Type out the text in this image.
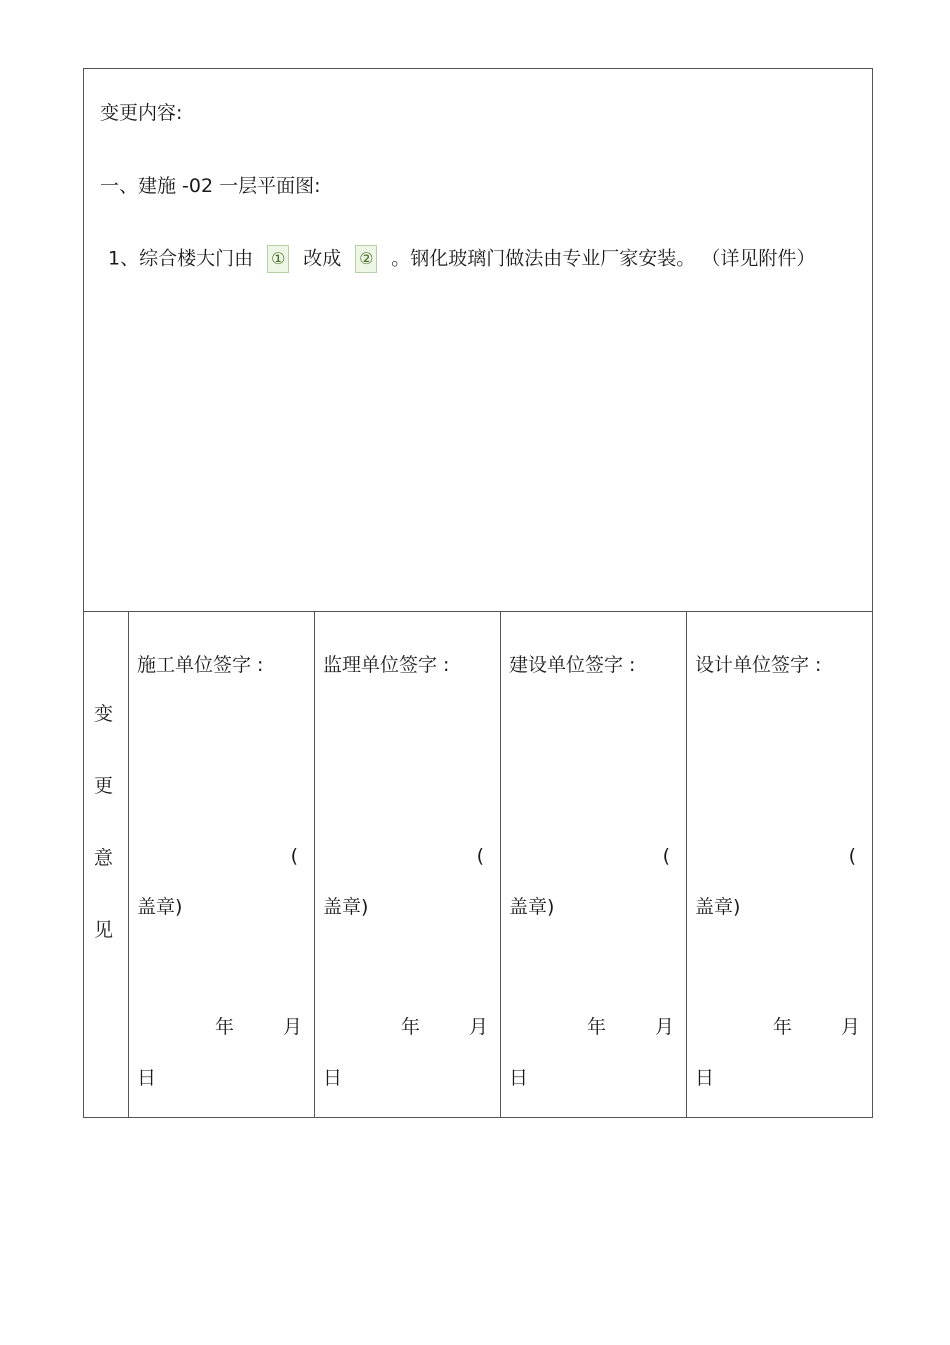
变更内容:
一、建施 -02 一层平面图:
1、综合楼大门由 ① 改成 ② 。钢化玻璃门做法由专业厂家安装。 （详见附件）
变
更
意
见
施工单位签字 :
(
盖章)
年	月
日
监理单位签字 :
(
盖章)
年	月
日
建设单位签字 :
(
盖章)
年	月
日
设计单位签字 :
(
盖章)
年	月
日
